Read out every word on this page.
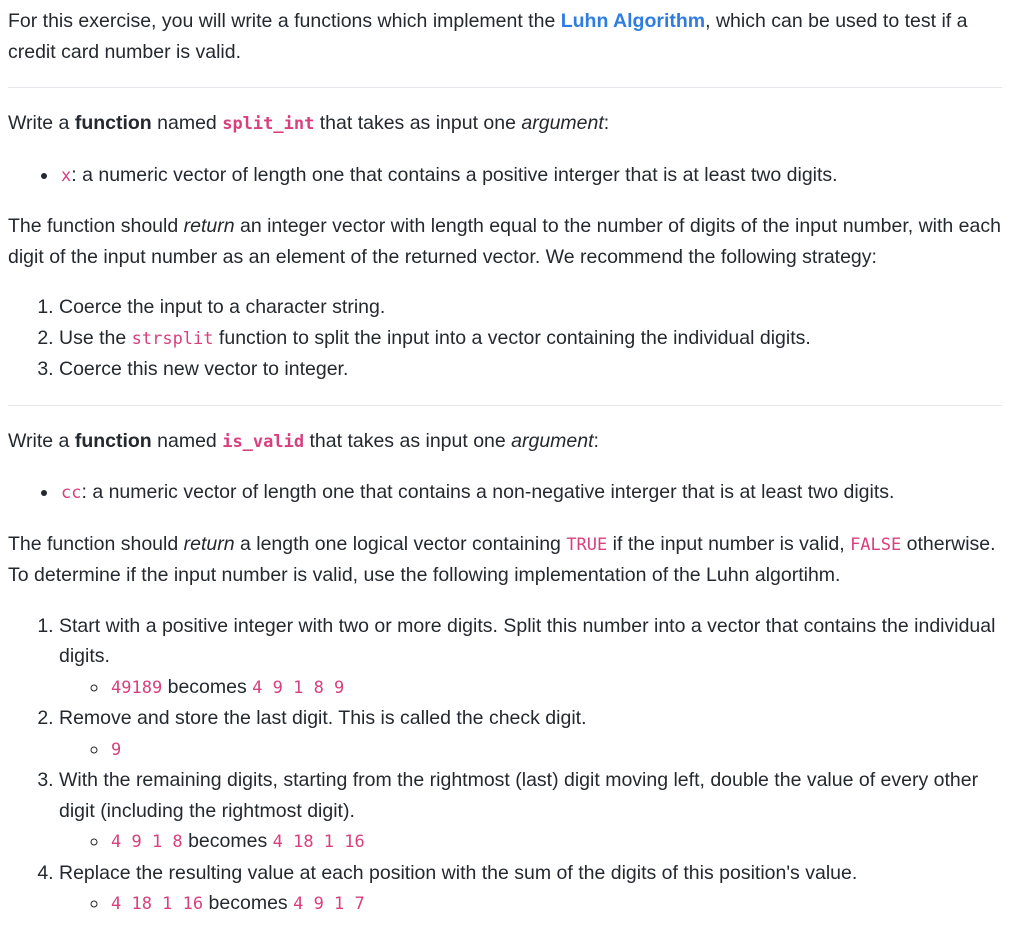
For this exercise, you will write a functions which implement the Luhn Algorithm, which can be used to test if a credit card number is valid.

Write a function named split_int that takes as input one argument:

• x: a numeric vector of length one that contains a positive interger that is at least two digits.

The function should return an integer vector with length equal to the number of digits of the input number, with each digit of the input number as an element of the returned vector. We recommend the following strategy:

1. Coerce the input to a character string.
2. Use the strsplit function to split the input into a vector containing the individual digits.
3. Coerce this new vector to integer.

Write a function named is_valid that takes as input one argument:

• cc: a numeric vector of length one that contains a non-negative interger that is at least two digits.

The function should return a length one logical vector containing TRUE if the input number is valid, FALSE otherwise. To determine if the input number is valid, use the following implementation of the Luhn algortihm.

1. Start with a positive integer with two or more digits. Split this number into a vector that contains the individual digits.
◦ 49189 becomes 4 9 1 8 9
2. Remove and store the last digit. This is called the check digit.
◦ 9
3. With the remaining digits, starting from the rightmost (last) digit moving left, double the value of every other digit (including the rightmost digit).
◦ 4 9 1 8 becomes 4 18 1 16
4. Replace the resulting value at each position with the sum of the digits of this position's value.
◦ 4 18 1 16 becomes 4 9 1 7
